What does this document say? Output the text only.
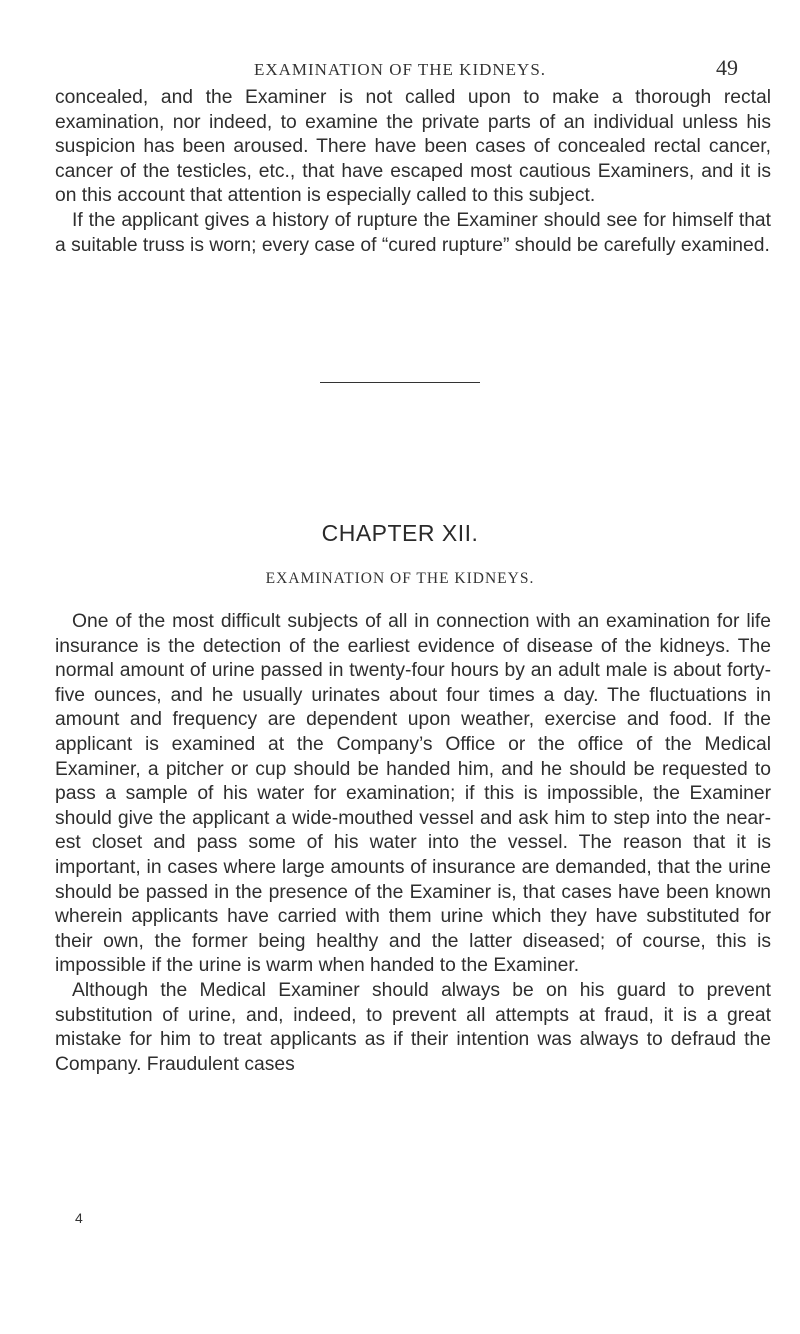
EXAMINATION OF THE KIDNEYS.	49

concealed, and the Examiner is not called upon to make a thorough rectal examination, nor indeed, to examine the private parts of an individual unless his suspicion has been aroused. There have been cases of concealed rectal cancer, cancer of the testicles, etc., that have escaped most cautious Examiners, and it is on this account that attention is especially called to this subject.

If the applicant gives a history of rupture the Examiner should see for himself that a suitable truss is worn; every case of “cured rupture” should be carefully examined.

CHAPTER XII.
EXAMINATION OF THE KIDNEYS.

One of the most difficult subjects of all in connection with an examination for life insurance is the detection of the earliest evidence of disease of the kidneys. The normal amount of urine passed in twenty-four hours by an adult male is about forty-five ounces, and he usually urinates about four times a day. The fluctuations in amount and frequency are dependent upon weather, exercise and food. If the applicant is examined at the Company’s Office or the office of the Medical Examiner, a pitcher or cup should be handed him, and he should be requested to pass a sample of his water for examination; if this is impossible, the Examiner should give the applicant a wide-mouthed vessel and ask him to step into the near-est closet and pass some of his water into the vessel. The reason that it is important, in cases where large amounts of insurance are demanded, that the urine should be passed in the presence of the Examiner is, that cases have been known wherein applicants have carried with them urine which they have substituted for their own, the former being healthy and the latter diseased; of course, this is impossible if the urine is warm when handed to the Examiner.

Although the Medical Examiner should always be on his guard to prevent substitution of urine, and, indeed, to prevent all attempts at fraud, it is a great mistake for him to treat applicants as if their intention was always to defraud the Company. Fraudulent cases

4
